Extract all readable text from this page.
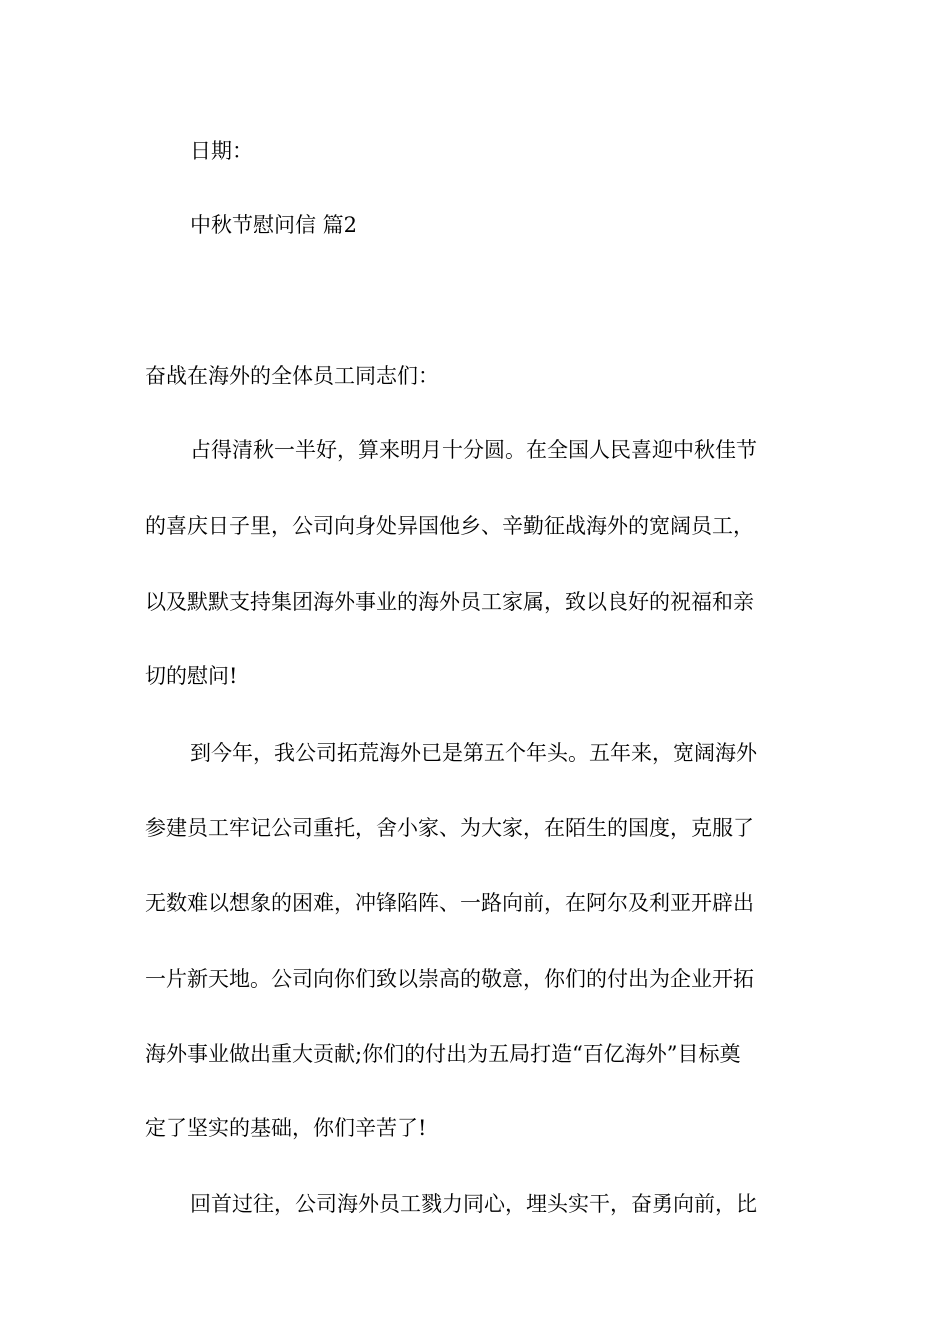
日期：
中秋节慰问信 篇2
奋战在海外的全体员工同志们：
占得清秋一半好，算来明月十分圆。在全国人民喜迎中秋佳节
的喜庆日子里，公司向身处异国他乡、辛勤征战海外的宽阔员工，
以及默默支持集团海外事业的海外员工家属，致以良好的祝福和亲
切的慰问!
到今年，我公司拓荒海外已是第五个年头。五年来，宽阔海外
参建员工牢记公司重托，舍小家、为大家，在陌生的国度，克服了
无数难以想象的困难，冲锋陷阵、一路向前，在阿尔及利亚开辟出
一片新天地。公司向你们致以崇高的敬意，你们的付出为企业开拓
海外事业做出重大贡献;你们的付出为五局打造“百亿海外”目标奠
定了坚实的基础，你们辛苦了!
回首过往，公司海外员工戮力同心，埋头实干，奋勇向前，比
